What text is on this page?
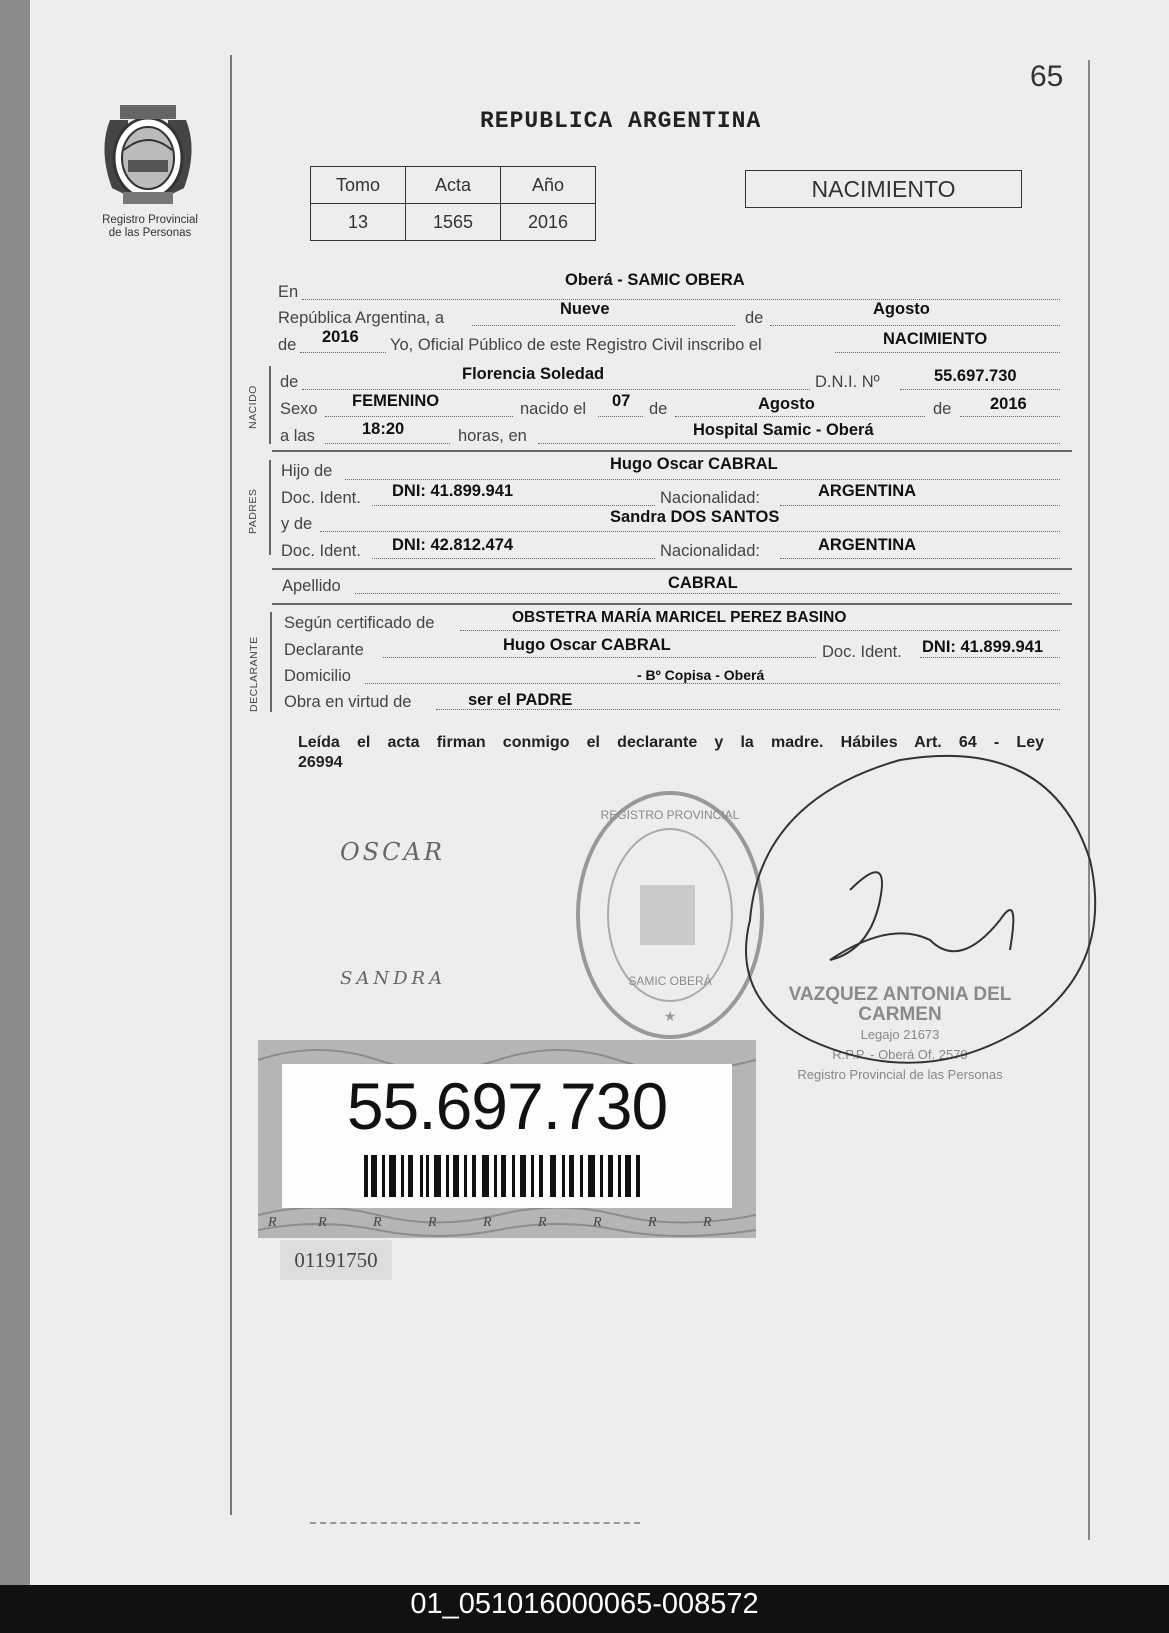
65
Registro Provincial
de las Personas
REPUBLICA ARGENTINA
Tomo	Acta	Año
13	1565	2016
NACIMIENTO
En
Oberá - SAMIC OBERA
República Argentina, a	Nueve	de	Agosto
de 2016 Yo, Oficial Público de este Registro Civil inscribo el	NACIMIENTO
NACIDO
de	Florencia Soledad	D.N.I. Nº	55.697.730
Sexo FEMENINO	nacido el 07 de	Agosto	de 2016
a las	18:20	horas, en	Hospital Samic - Oberá
PADRES
Hijo de	Hugo Oscar CABRAL
Doc. Ident. DNI: 41.899.941	Nacionalidad:	ARGENTINA
y de	Sandra DOS SANTOS
Doc. Ident. DNI: 42.812.474	Nacionalidad:	ARGENTINA
Apellido	CABRAL
DECLARANTE
Según certificado de	OBSTETRA MARÍA MARICEL PEREZ BASINO
Declarante	Hugo Oscar CABRAL	Doc. Ident. DNI: 41.899.941
Domicilio	- Bº Copisa - Oberá
Obra en virtud de	ser el PADRE
Leída el acta firman conmigo el declarante y la madre. Hábiles Art. 64 - Ley
26994
OSCAR
SANDRA
REGISTRO PROVINCIAL
SAMIC OBERÁ
★
VAZQUEZ ANTONIA DEL CARMEN
Legajo 21673
R.P.P. - Oberá Of. 2579
Registro Provincial de las Personas
R	R	R	R	R	R	R	R	R
55.697.730
01191750
01_051016000065-008572
